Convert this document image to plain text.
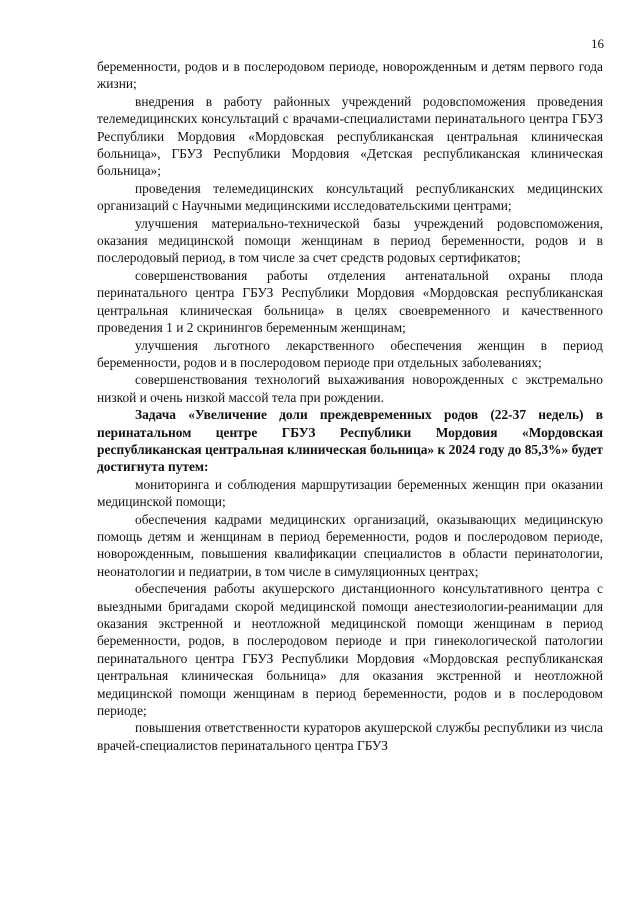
16

беременности, родов и в послеродовом периоде, новорожденным и детям первого года жизни;

внедрения в работу районных учреждений родовспоможения проведения телемедицинских консультаций с врачами-специалистами перинатального центра ГБУЗ Республики Мордовия «Мордовская республиканская центральная клиническая больница», ГБУЗ Республики Мордовия «Детская республиканская клиническая больница»;

проведения телемедицинских консультаций республиканских медицинских организаций с Научными медицинскими исследовательскими центрами;

улучшения материально-технической базы учреждений родовспоможения, оказания медицинской помощи женщинам в период беременности, родов и в послеродовый период, в том числе за счет средств родовых сертификатов;

совершенствования работы отделения антенатальной охраны плода перинатального центра ГБУЗ Республики Мордовия «Мордовская республиканская центральная клиническая больница» в целях своевременного и качественного проведения 1 и 2 скринингов беременным женщинам;

улучшения льготного лекарственного обеспечения женщин в период беременности, родов и в послеродовом периоде при отдельных заболеваниях;

совершенствования технологий выхаживания новорожденных с экстремально низкой и очень низкой массой тела при рождении.

Задача «Увеличение доли преждевременных родов (22-37 недель) в перинатальном центре ГБУЗ Республики Мордовия «Мордовская республиканская центральная клиническая больница» к 2024 году до 85,3%» будет достигнута путем:

мониторинга и соблюдения маршрутизации беременных женщин при оказании медицинской помощи;

обеспечения кадрами медицинских организаций, оказывающих медицинскую помощь детям и женщинам в период беременности, родов и послеродовом периоде, новорожденным, повышения квалификации специалистов в области перинатологии, неонатологии и педиатрии, в том числе в симуляционных центрах;

обеспечения работы акушерского дистанционного консультативного центра с выездными бригадами скорой медицинской помощи анестезиологии-реанимации для оказания экстренной и неотложной медицинской помощи женщинам в период беременности, родов, в послеродовом периоде и при гинекологической патологии перинатального центра ГБУЗ Республики Мордовия «Мордовская республиканская центральная клиническая больница» для оказания экстренной и неотложной медицинской помощи женщинам в период беременности, родов и в послеродовом периоде;

повышения ответственности кураторов акушерской службы республики из числа врачей-специалистов перинатального центра ГБУЗ
